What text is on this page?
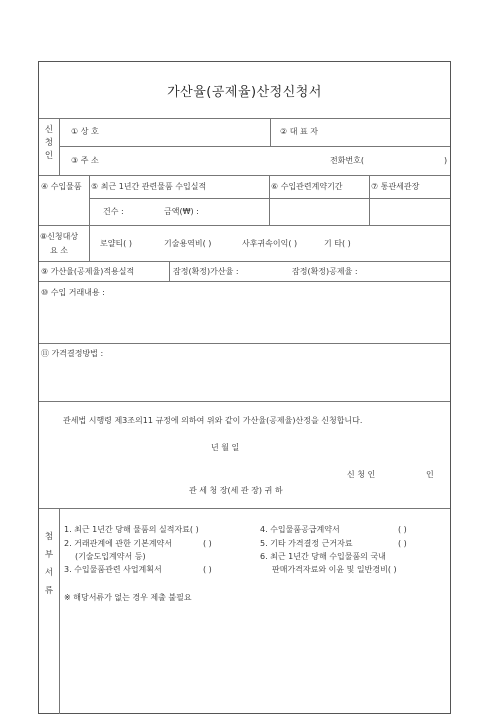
가산율(공제율)산정신청서
신
청
인
① 상 호	② 대 표 자
③ 주 소	전화번호(	)
④ 수입물품 ⑤ 최근 1년간 관련물품 수입실적	⑥ 수입관련계약기간	⑦ 통관세관장
건수 :	금액(₩) :
⑧신청대상
요 소
로얄티( )	기술용역비( )	사후귀속이익( )	기 타( )
⑨ 가산율(공제율)적용실적	잠정(확정)가산율 :	잠정(확정)공제율 :
⑩ 수입 거래내용 :
⑪ 가격결정방법 :
관세법 시행령 제3조의11 규정에 의하여 위와 같이 가산율(공제율)산정을 신청합니다.
년 월 일
신 청 인	인
관 세 청 장(세 관 장) 귀 하
첨
부
서
류
1. 최근 1년간 당해 물품의 실적자료( )
2. 거래관계에 관한 기본계약서	( )
(기술도입계약서 등)
3. 수입물품관련 사업계획서	( )
4. 수입물품공급계약서	( )
5. 기타 가격결정 근거자료	( )
6. 최근 1년간 당해 수입물품의 국내
판매가격자료와 이윤 및 일반경비( )
※ 해당서류가 없는 경우 제출 불필요
